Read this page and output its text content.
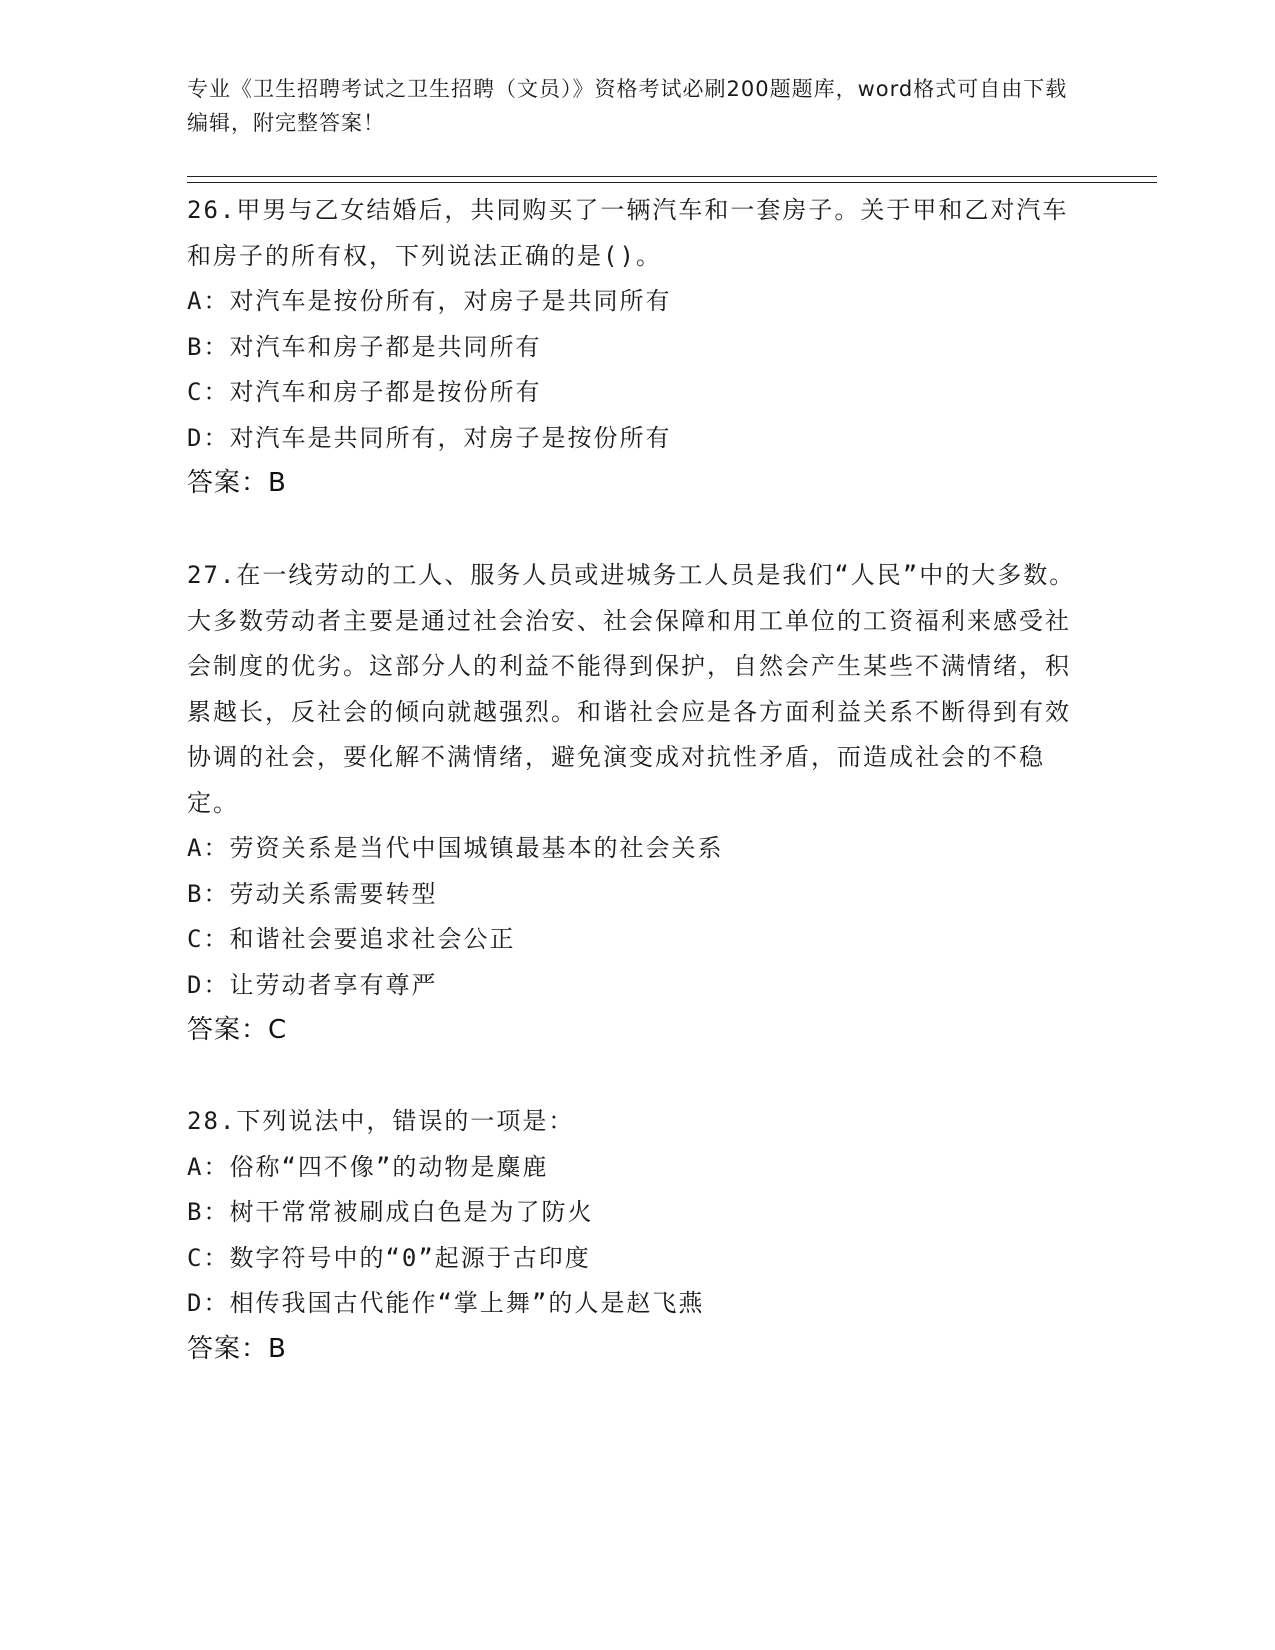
专业《卫生招聘考试之卫生招聘（文员）》资格考试必刷200题题库，word格式可自由下载编辑，附完整答案！
26.甲男与乙女结婚后，共同购买了一辆汽车和一套房子。关于甲和乙对汽车和房子的所有权，下列说法正确的是()。
A：对汽车是按份所有，对房子是共同所有
B：对汽车和房子都是共同所有
C：对汽车和房子都是按份所有
D：对汽车是共同所有，对房子是按份所有
答案：B
27.在一线劳动的工人、服务人员或进城务工人员是我们“人民”中的大多数。大多数劳动者主要是通过社会治安、社会保障和用工单位的工资福利来感受社会制度的优劣。这部分人的利益不能得到保护，自然会产生某些不满情绪，积累越长，反社会的倾向就越强烈。和谐社会应是各方面利益关系不断得到有效协调的社会，要化解不满情绪，避免演变成对抗性矛盾，而造成社会的不稳定。
A：劳资关系是当代中国城镇最基本的社会关系
B：劳动关系需要转型
C：和谐社会要追求社会公正
D：让劳动者享有尊严
答案：C
28.下列说法中，错误的一项是：
A：俗称“四不像”的动物是麋鹿
B：树干常常被刷成白色是为了防火
C：数字符号中的“0”起源于古印度
D：相传我国古代能作“掌上舞”的人是赵飞燕
答案：B
